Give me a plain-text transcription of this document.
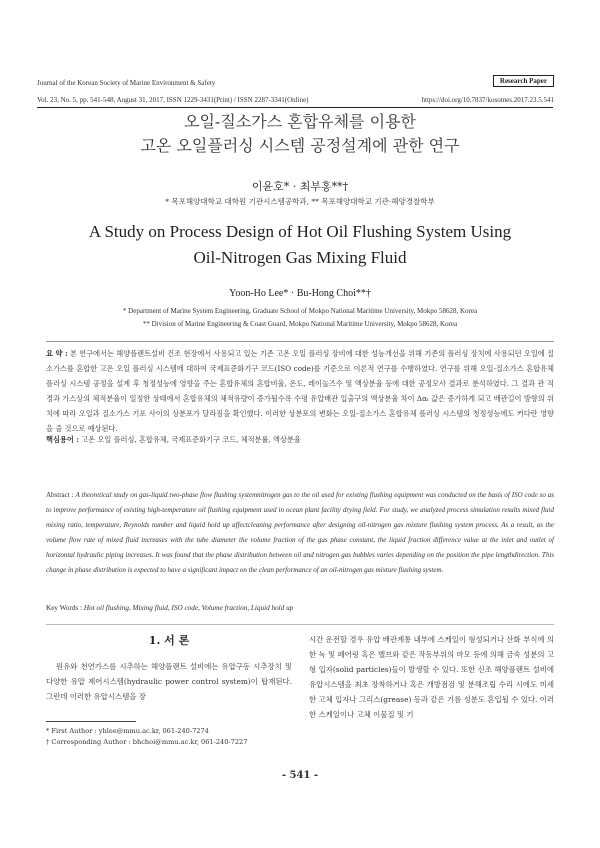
Journal of the Korean Society of Marine Environment & Safety	Research Paper
Vol. 23, No. 5, pp. 541-548, August 31, 2017, ISSN 1229-3431(Print) / ISSN 2287-3341(Online)	https://doi.org/10.7837/kosomes.2017.23.5.541
오일-질소가스 혼합유체를 이용한
고온 오일플러싱 시스템 공정설계에 관한 연구
이윤호* · 최부홍**†
* 목포해양대학교 대학원 기관시스템공학과, ** 목포해양대학교 기관·해양경찰학부
A Study on Process Design of Hot Oil Flushing System Using
Oil-Nitrogen Gas Mixing Fluid
Yoon-Ho Lee* · Bu-Hong Choi**†
* Department of Marine System Engineering, Graduate School of Mokpo National Maritime University, Mokpo 58628, Korea
** Division of Marine Engineering & Coast Guard, Mokpo National Maritime University, Mokpo 58628, Korea
요 약 : 본 연구에서는 해양플랜트설비 건조 현장에서 사용되고 있는 기존 고온 오일 플러싱 장비에 대한 성능개선을 위해 기존의 플러싱 장치에 사용되던 오일에 질소가스를 혼합한 고온 오일 플러싱 시스템에 대하여 국제표준화기구 코드(ISO code)를 기준으로 이론적 연구를 수행하였다. 연구를 위해 오일-질소가스 혼합유체 플러싱 시스템 공정을 설계 후 청정성능에 영향을 주는 혼합유체의 혼합비율, 온도, 레이놀즈수 및 액상분율 등에 대한 공정모사 결과로 분석하였다. 그 결과 관 직경과 가스상의 체적분율이 일정한 상태에서 혼합유체의 체적유량이 증가될수록 수평 유압배관 입출구의 액상분율 차이 Δαₗ 값은 증가하게 되고 배관길이 방향의 위치에 따라 오일과 질소가스 기포 사이의 상분포가 달라짐을 확인했다. 이러한 상분포의 변화는 오일-질소가스 혼합유체 플러싱 시스템의 청정성능에도 커다란 영향을 줄 것으로 예상된다.
핵심용어 : 고온 오일 플러싱, 혼합유체, 국제표준화기구 코드, 체적분률, 액상분율
Abstract : A theoretical study on gas-liquid two-phase flow flushing systemnitrogen gas to the oil used for existing flushing equipment was conducted on the basis of ISO code so as to improve performance of existing high-temperature oil flushing equipment used in ocean plant facility drying field. For study, we analyzed process simulation results mixed fluid mixing ratio, temperature, Reynolds number and liquid hold up affectcleaning performance after designing oil-nitrogen gas mixture flushing system process. As a result, as the volume flow rate of mixed fluid increases with the tube diameter the volume fraction of the gas phase constant, the liquid fraction difference value at the inlet and outlet of horizontal hydraulic piping increases. It was found that the phase distribution between oil and nitrogen gas bubbles varies depending on the position the pipe lengthdirection. This change in phase distribution is expected to have a significant impact on the clean performance of an oil-nitrogen gas mixture flushing system.
Key Words : Hot oil flushing, Mixing fluid, ISO code, Volume fraction, Liquid hold up
1. 서 론
원유와 천연가스를 시추하는 해양플랜트 설비에는 유압구동 시추장치 및 다양한 유압 제어시스템(hydraulic power control system)이 탑재된다. 그런데 이러한 유압시스템을 장
시간 운전할 경우 유압 배관계통 내부에 스케일이 형성되거나 산화 부식에 의한 녹 및 페어링 혹은 밸브와 같은 작동부위의 마모 등에 의해 금속 성분의 고형 입자(solid particles)들이 발생할 수 있다. 또한 신조 해양플랜트 설비에 유압시스템을 최초 장착하거나 혹은 개방점검 및 분해조립 수리 시에도 미세한 고체 입자나 그리스(grease) 등과 같은 기름 성분도 혼입될 수 있다. 이러한 스케일이나 고체 이물질 및 기
* First Author : yhlee@mmu.ac.kr, 061-240-7274
† Corresponding Author : bhchoi@mmu.ac.kr, 061-240-7227
- 541 -
